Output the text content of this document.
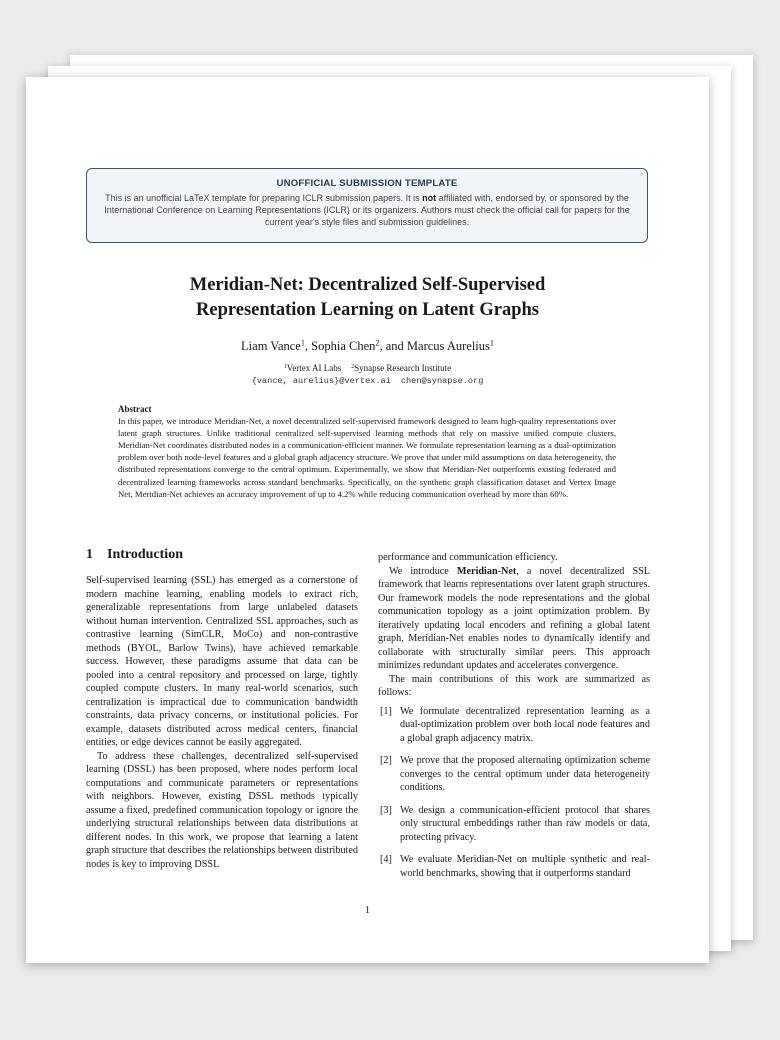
UNOFFICIAL SUBMISSION TEMPLATE
This is an unofficial LaTeX template for preparing ICLR submission papers. It is not affiliated with, endorsed by, or sponsored by the International Conference on Learning Representations (ICLR) or its organizers. Authors must check the official call for papers for the current year's style files and submission guidelines.
Meridian-Net: Decentralized Self-Supervised
Representation Learning on Latent Graphs
Liam Vance$^1$, Sophia Chen$^2$, and Marcus Aurelius$^1$
$^1$Vertex AI Labs $^2$Synapse Research Institute
{vance, aurelius}@vertex.ai chen@synapse.org
Abstract
In this paper, we introduce Meridian-Net, a novel decentralized self-supervised framework designed to learn high-quality representations over latent graph structures. Unlike traditional centralized self-supervised learning methods that rely on massive unified compute clusters, Meridian-Net coordinates distributed nodes in a communication-efficient manner. We formulate representation learning as a dual-optimization problem over both node-level features and a global graph adjacency structure. We prove that under mild assumptions on data heterogeneity, the distributed representations converge to the central optimum. Experimentally, we show that Meridian-Net outperforms existing federated and decentralized learning frameworks across standard benchmarks. Specifically, on the synthetic graph classification dataset and Vertex Image Net, Meridian-Net achieves an accuracy improvement of up to 4.2% while reducing communication overhead by more than 60%.
1 Introduction

Self-supervised learning (SSL) has emerged as a cornerstone of modern machine learning, enabling models to extract rich, generalizable representations from large unlabeled datasets without human intervention. Centralized SSL approaches, such as contrastive learning (SimCLR, MoCo) and non-contrastive methods (BYOL, Barlow Twins), have achieved remarkable success. However, these paradigms assume that data can be pooled into a central repository and processed on large, tightly coupled compute clusters. In many real-world scenarios, such centralization is impractical due to communication bandwidth constraints, data privacy concerns, or institutional policies. For example, datasets distributed across medical centers, financial entities, or edge devices cannot be easily aggregated.

To address these challenges, decentralized self-supervised learning (DSSL) has been proposed, where nodes perform local computations and communicate parameters or representations with neighbors. However, existing DSSL methods typically assume a fixed, predefined communication topology or ignore the underlying structural relationships between data distributions at different nodes. In this work, we propose that learning a latent graph structure that describes the relationships between distributed nodes is key to improving DSSL

performance and communication efficiency.

We introduce Meridian-Net, a novel decentralized SSL framework that learns representations over latent graph structures. Our framework models the node representations and the global communication topology as a joint optimization problem. By iteratively updating local encoders and refining a global latent graph, Meridian-Net enables nodes to dynamically identify and collaborate with structurally similar peers. This approach minimizes redundant updates and accelerates convergence.

The main contributions of this work are summarized as follows:

[1] We formulate decentralized representation learning as a dual-optimization problem over both local node features and a global graph adjacency matrix.
[2] We prove that the proposed alternating optimization scheme converges to the central optimum under data heterogeneity conditions.
[3] We design a communication-efficient protocol that shares only structural embeddings rather than raw models or data, protecting privacy.
[4] We evaluate Meridian-Net on multiple synthetic and real-world benchmarks, showing that it outperforms standard
1
